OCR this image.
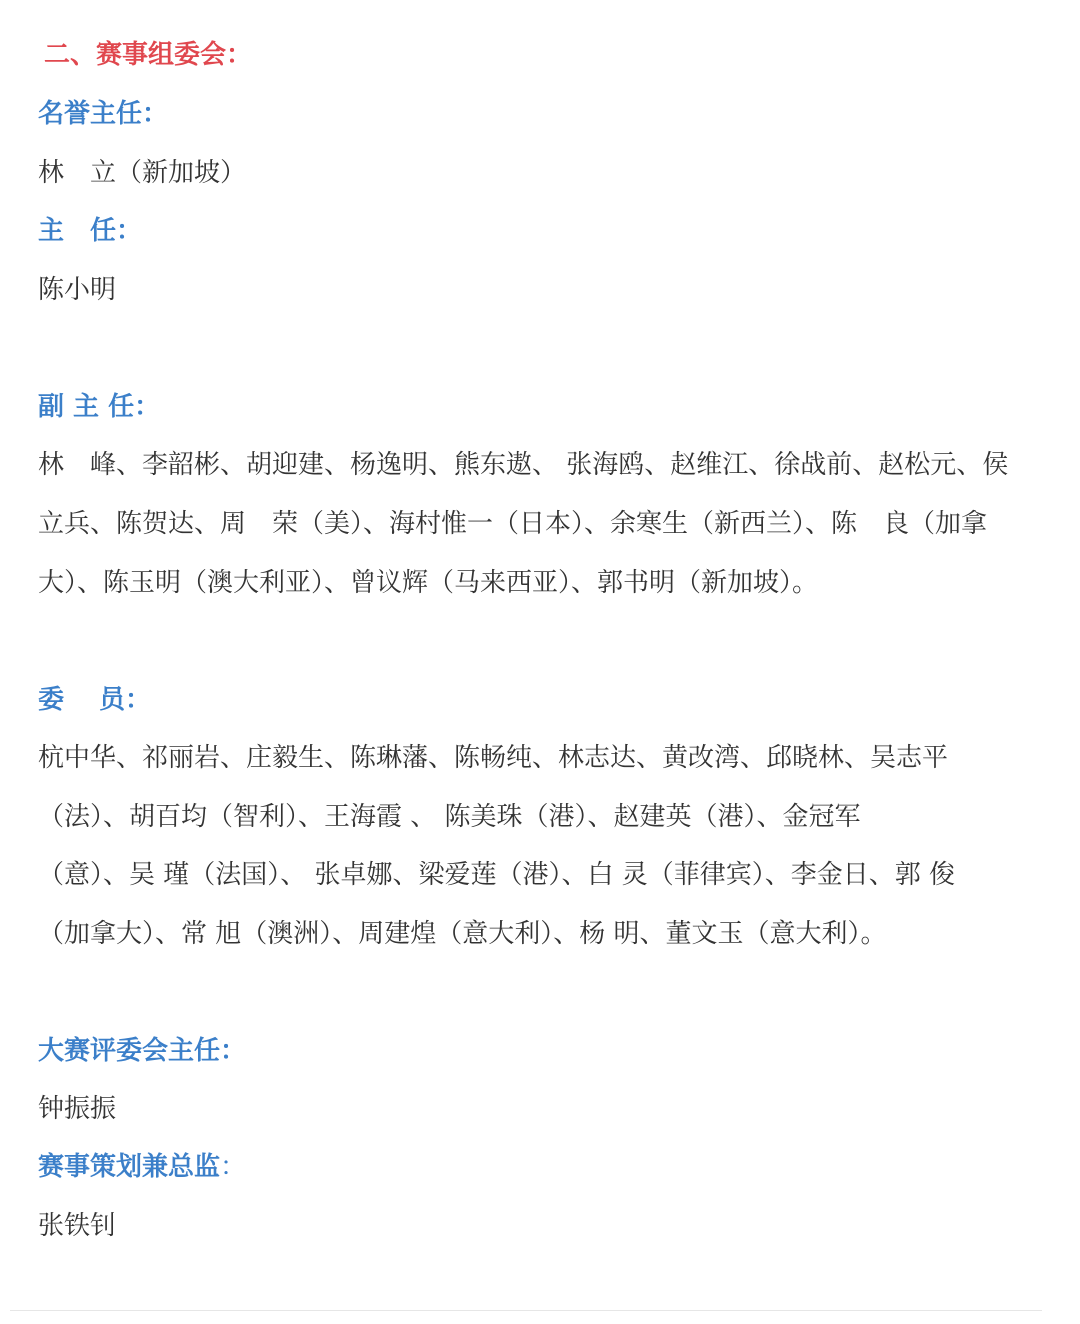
二、赛事组委会：
名誉主任：
林　立（新加坡）
主　任：
陈小明
副 主 任：
林　峰、李韶彬、胡迎建、杨逸明、熊东遨、 张海鸥、赵维江、徐战前、赵松元、侯
立兵、陈贺达、周　荣（美）、海村惟一（日本）、余寒生（新西兰）、陈　良（加拿
大）、陈玉明（澳大利亚）、曾议辉（马来西亚）、郭书明（新加坡）。
委　 员：
杭中华、祁丽岩、庄毅生、陈琳藩、陈畅纯、林志达、黄改湾、邱晓林、吴志平
（法）、胡百均（智利）、王海霞 、 陈美珠（港）、赵建英（港）、金冠军
（意）、吴 瑾（法国）、 张卓娜、梁爱莲（港）、白 灵（菲律宾）、李金日、郭 俊
（加拿大）、常 旭（澳洲）、周建煌（意大利）、杨 明、董文玉（意大利）。
大赛评委会主任：
钟振振
赛事策划兼总监：
张铁钊
